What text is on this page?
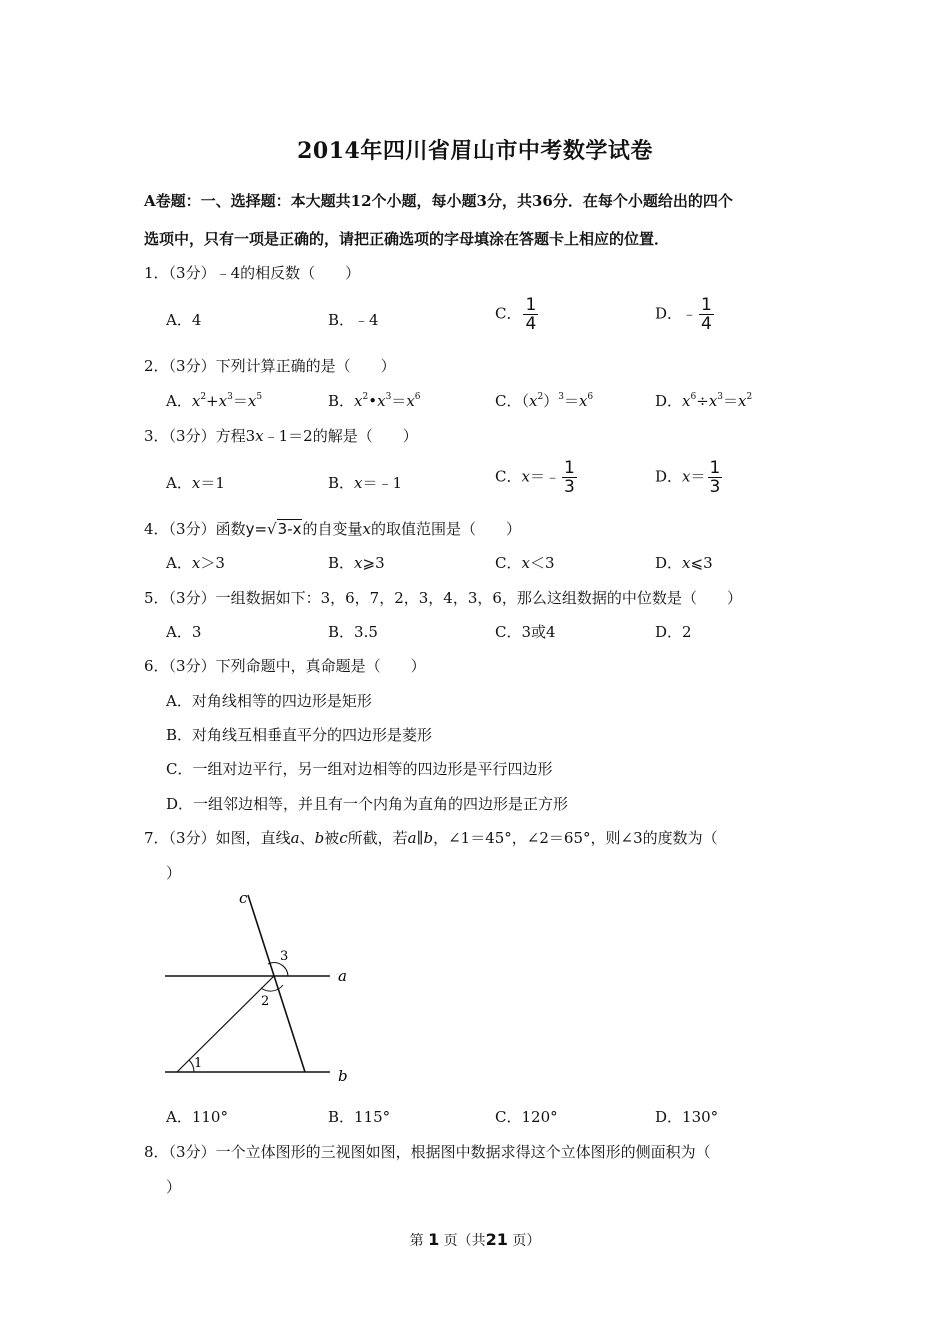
2014年四川省眉山市中考数学试卷
A卷题：一、选择题：本大题共12个小题，每小题3分，共36分．在每个小题给出的四个
选项中，只有一项是正确的，请把正确选项的字母填涂在答题卡上相应的位置．
1．（3分）﹣4的相反数（　　）
A．4	B．﹣4	C． $\frac{1}{4}$	D．﹣ $\frac{1}{4}$
2．（3分）下列计算正确的是（　　）
A．$x^2+x^3=x^5$	B．$x^2•x^3=x^6$	C．$(x^2)^3=x^6$	D．$x^6\div x^3=x^2$
3．（3分）方程3x﹣1＝2的解是（　　）
A．x＝1	B．x＝﹣1	C．x＝﹣ $\frac{1}{3}$	D．$x= \frac{1}{3}$
4．（3分）函数y=√3-x的自变量x的取值范围是（　　）
A．x＞3	B．x⩾3	C．x＜3	D．x⩽3
5．（3分）一组数据如下：3，6，7，2，3，4，3，6，那么这组数据的中位数是（　　）
A．3	B．3.5	C．3或4	D．2
6．（3分）下列命题中，真命题是（　　）
A．对角线相等的四边形是矩形
B．对角线互相垂直平分的四边形是菱形
C．一组对边平行，另一组对边相等的四边形是平行四边形
D．一组邻边相等，并且有一个内角为直角的四边形是正方形
7．（3分）如图，直线a、b被c所截，若a∥b，∠1＝45°，∠2＝65°，则∠3的度数为（
）
c
a
b
1
2
3
A．110°	B．115°	C．120°	D．130°
8．（3分）一个立体图形的三视图如图，根据图中数据求得这个立体图形的侧面积为（
）
第 1 页（共21 页）
